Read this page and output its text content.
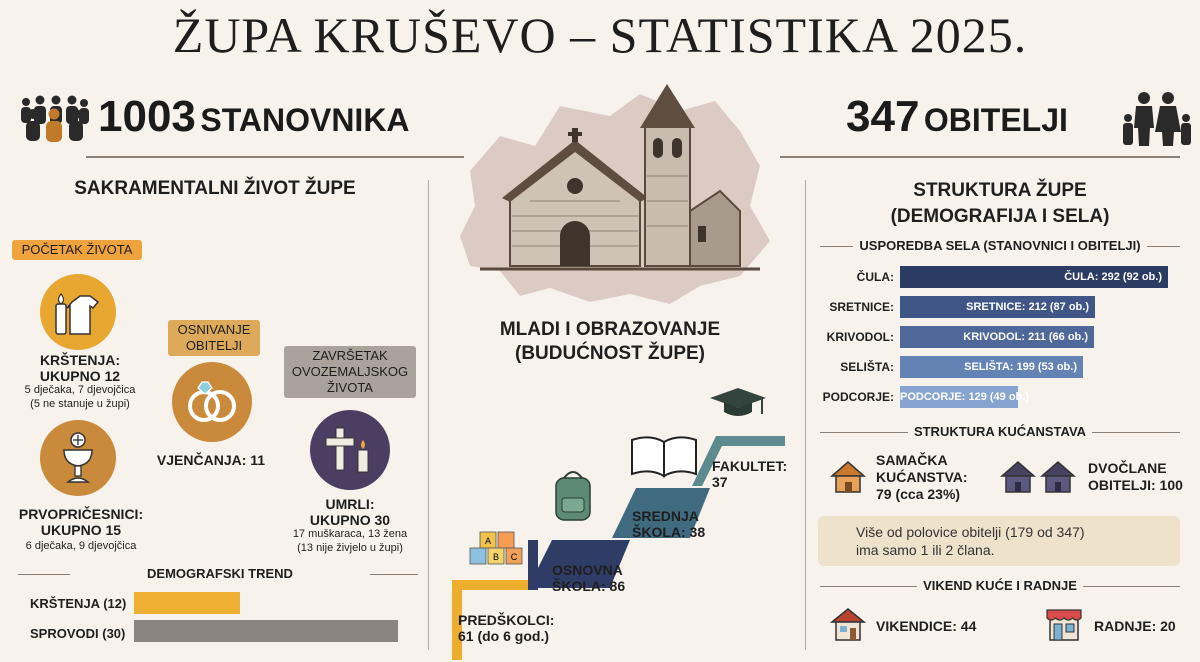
ŽUPA KRUŠEVO – STATISTIKA 2025.
1003 STANOVNIKA	347 OBITELJI
SAKRAMENTALNI ŽIVOT ŽUPE
POČETAK ŽIVOTA
KRŠTENJA:
UKUPNO 12
5 dječaka, 7 djevojčica
(5 ne stanuje u župi)
PRVOPRIČESNICI:
UKUPNO 15
6 dječaka, 9 djevojčica
OSNIVANJE
OBITELJI
VJENČANJA: 11
ZAVRŠETAK
OVOZEMALJSKOG
ŽIVOTA
UMRLI:
UKUPNO 30
17 muškaraca, 13 žena
(13 nije živjelo u župi)
DEMOGRAFSKI TREND
KRŠTENJA (12)
SPROVODI (30)
MLADI I OBRAZOVANJE
(BUDUĆNOST ŽUPE)
A
B C
PREDŠKOLCI:
61 (do 6 god.)
OSNOVNA
ŠKOLA: 86
SREDNJA
ŠKOLA: 38
FAKULTET:
37
STRUKTURA ŽUPE
(DEMOGRAFIJA I SELA)
USPOREDBA SELA (STANOVNICI I OBITELJI)
ČULA:	ČULA: 292 (92 ob.)
SRETNICE:	SRETNICE: 212 (87 ob.)
KRIVODOL:	KRIVODOL: 211 (66 ob.)
SELIŠTA:	SELIŠTA: 199 (53 ob.)
PODCORJE: PODCORJE: 129 (49 ob.)
STRUKTURA KUĆANSTAVA
SAMAČKA
KUĆANSTVA:
79 (cca 23%)
DVOČLANE
OBITELJI: 100
Više od polovice obitelji (179 od 347)
ima samo 1 ili 2 člana.
VIKEND KUĆE I RADNJE
VIKENDICE: 44	RADNJE: 20
